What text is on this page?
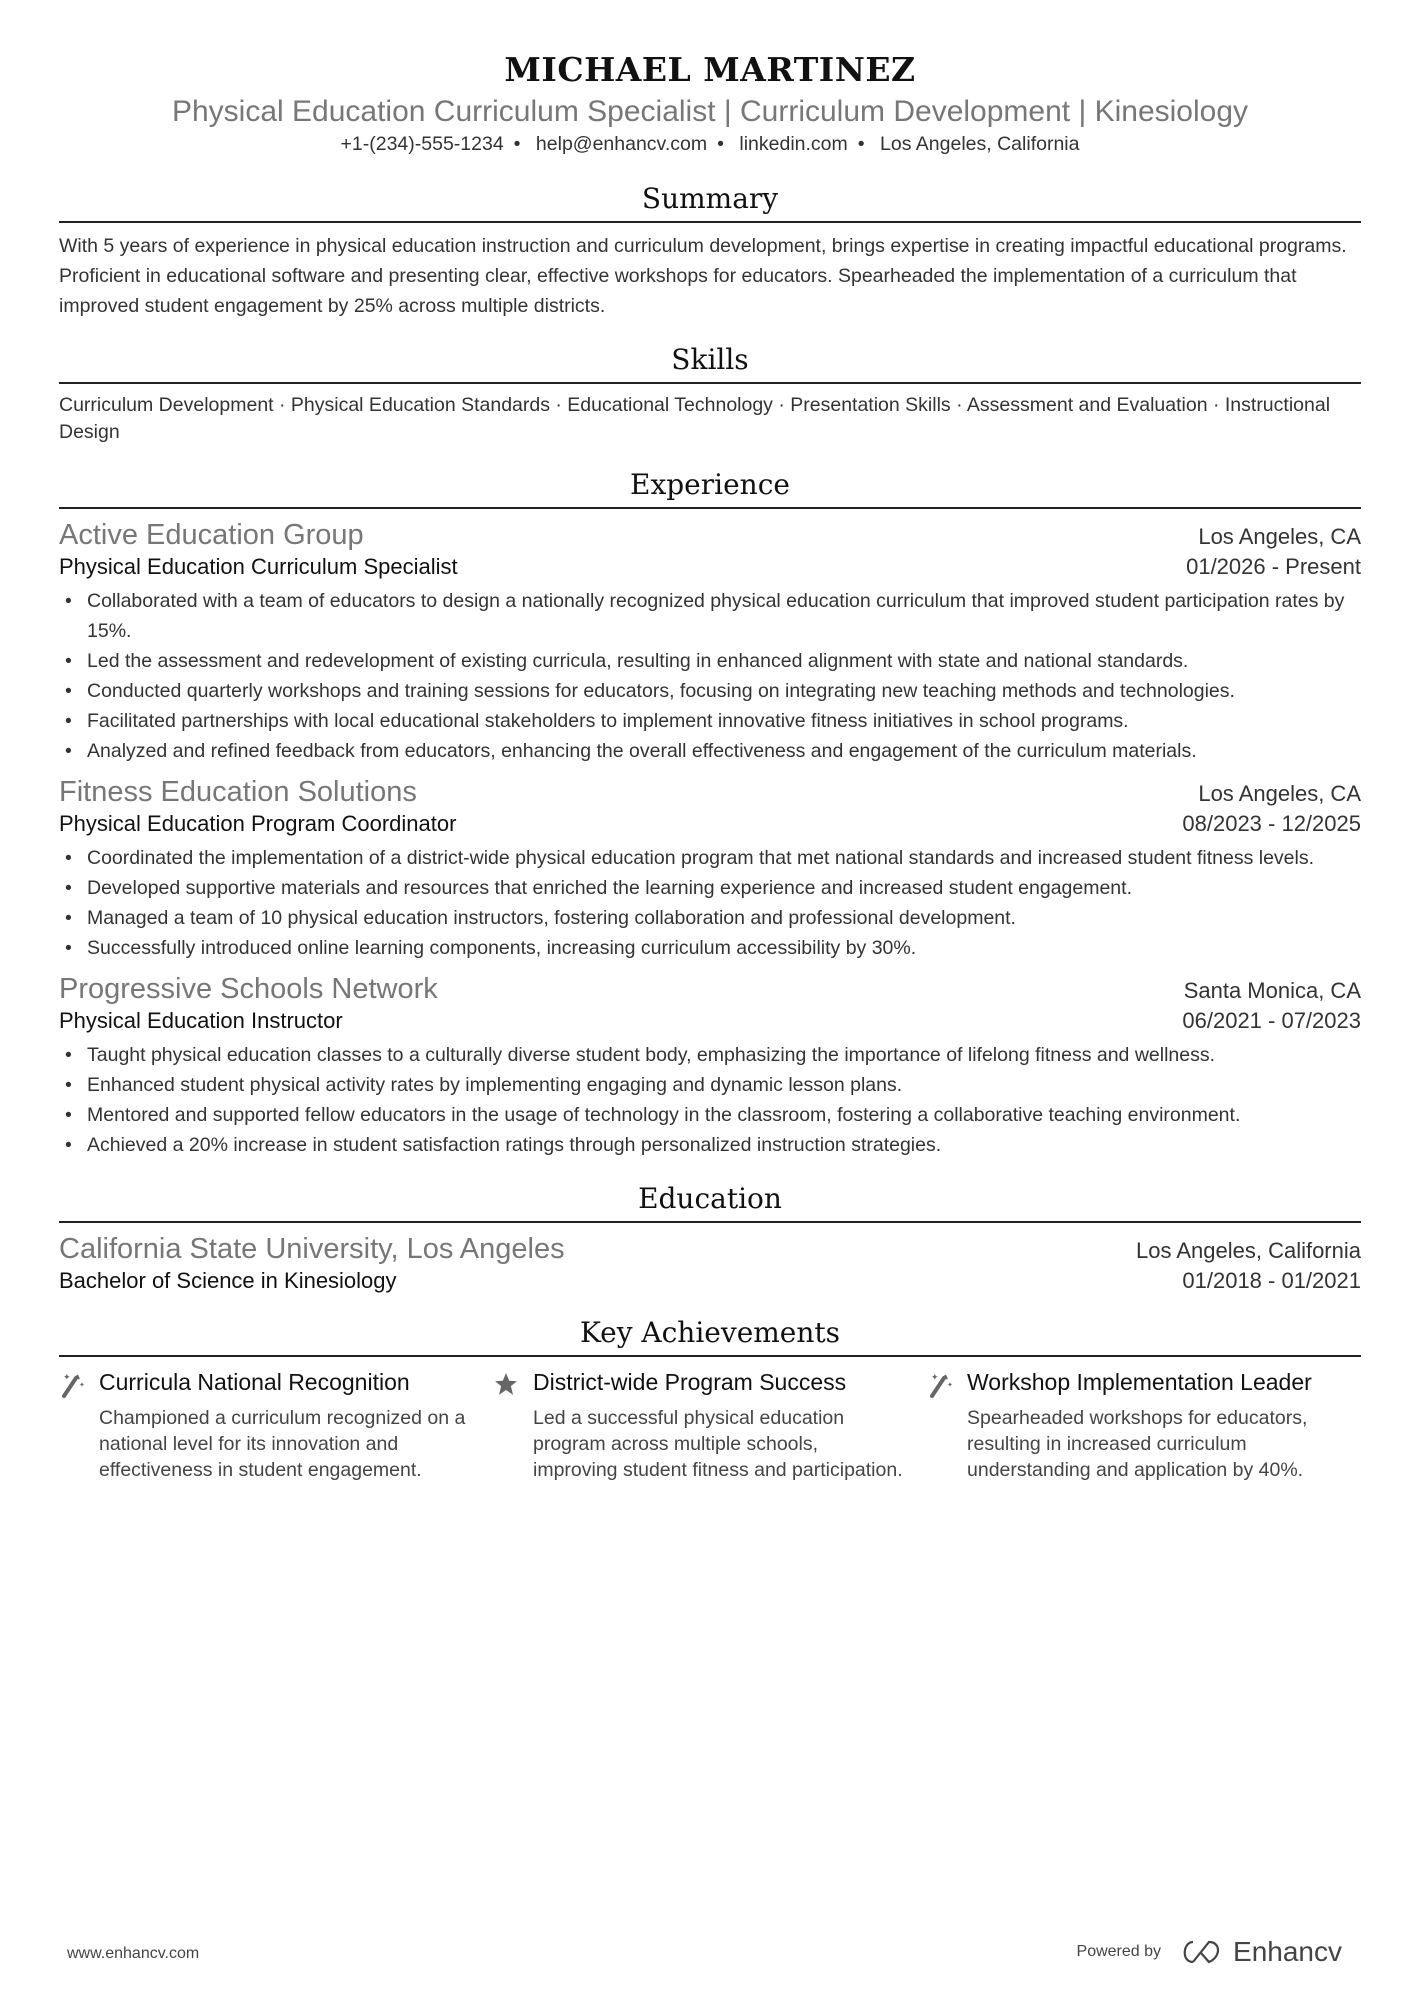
MICHAEL MARTINEZ
Physical Education Curriculum Specialist | Curriculum Development | Kinesiology
+1-(234)-555-1234 • help@enhancv.com • linkedin.com • Los Angeles, California
Summary
With 5 years of experience in physical education instruction and curriculum development, brings expertise in creating impactful educational programs. Proficient in educational software and presenting clear, effective workshops for educators. Spearheaded the implementation of a curriculum that improved student engagement by 25% across multiple districts.
Skills
Curriculum Development · Physical Education Standards · Educational Technology · Presentation Skills · Assessment and Evaluation · Instructional Design
Experience
Active Education Group	Los Angeles, CA
Physical Education Curriculum Specialist	01/2026 - Present
• Collaborated with a team of educators to design a nationally recognized physical education curriculum that improved student participation rates by 15%.
• Led the assessment and redevelopment of existing curricula, resulting in enhanced alignment with state and national standards.
• Conducted quarterly workshops and training sessions for educators, focusing on integrating new teaching methods and technologies.
• Facilitated partnerships with local educational stakeholders to implement innovative fitness initiatives in school programs.
• Analyzed and refined feedback from educators, enhancing the overall effectiveness and engagement of the curriculum materials.
Fitness Education Solutions	Los Angeles, CA
Physical Education Program Coordinator	08/2023 - 12/2025
• Coordinated the implementation of a district-wide physical education program that met national standards and increased student fitness levels.
• Developed supportive materials and resources that enriched the learning experience and increased student engagement.
• Managed a team of 10 physical education instructors, fostering collaboration and professional development.
• Successfully introduced online learning components, increasing curriculum accessibility by 30%.
Progressive Schools Network	Santa Monica, CA
Physical Education Instructor	06/2021 - 07/2023
• Taught physical education classes to a culturally diverse student body, emphasizing the importance of lifelong fitness and wellness.
• Enhanced student physical activity rates by implementing engaging and dynamic lesson plans.
• Mentored and supported fellow educators in the usage of technology in the classroom, fostering a collaborative teaching environment.
• Achieved a 20% increase in student satisfaction ratings through personalized instruction strategies.
Education
California State University, Los Angeles	Los Angeles, California
Bachelor of Science in Kinesiology	01/2018 - 01/2021
Key Achievements
✦
✦ Curricula National Recognition
Championed a curriculum recognized on a national level for its innovation and effectiveness in student engagement.
District-wide Program Success
Led a successful physical education program across multiple schools, improving student fitness and participation.
✦
✦ Workshop Implementation Leader
Spearheaded workshops for educators, resulting in increased curriculum understanding and application by 40%.
www.enhancv.com	Powered by	Enhancv
